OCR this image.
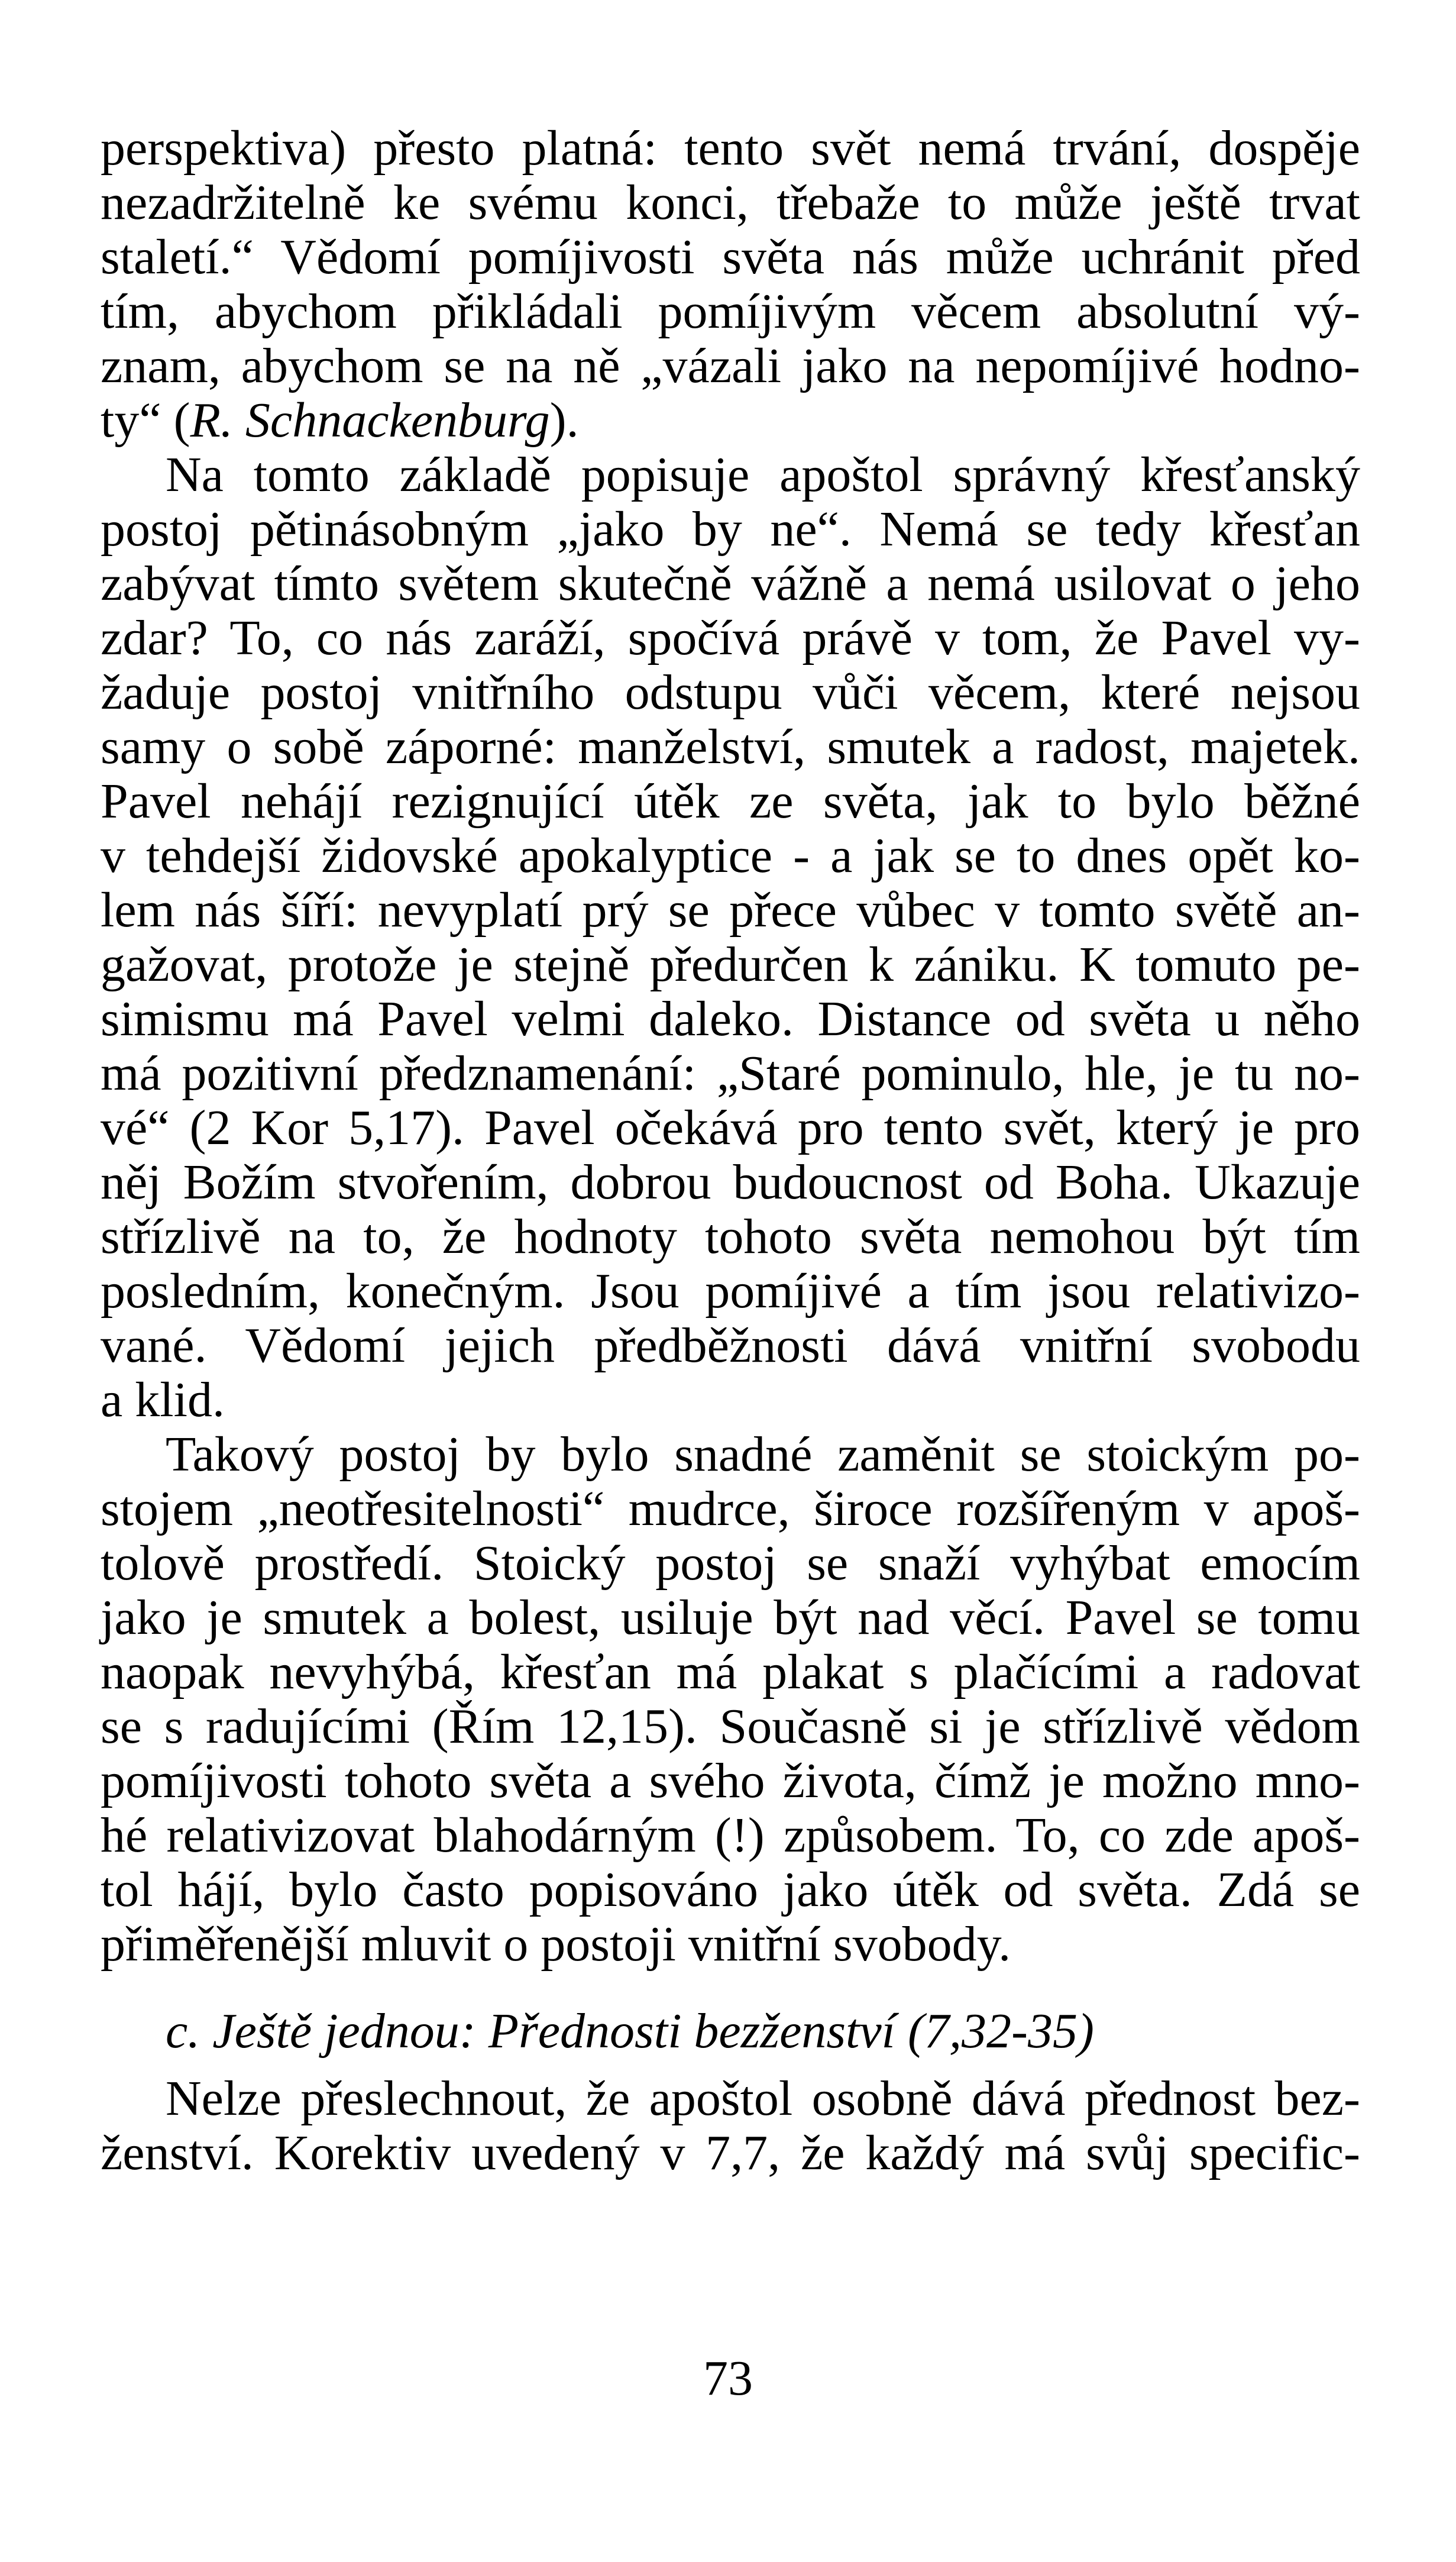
perspektiva) přesto platná: tento svět nemá trvání, dospěje
nezadržitelně ke svému konci, třebaže to může ještě trvat
staletí.“ Vědomí pomíjivosti světa nás může uchránit před
tím, abychom přikládali pomíjivým věcem absolutní vý-
znam, abychom se na ně „vázali jako na nepomíjivé hodno-
ty“ (R. Schnackenburg).
Na tomto základě popisuje apoštol správný křesťanský
postoj pětinásobným „jako by ne“. Nemá se tedy křesťan
zabývat tímto světem skutečně vážně a nemá usilovat o jeho
zdar? To, co nás zaráží, spočívá právě v tom, že Pavel vy-
žaduje postoj vnitřního odstupu vůči věcem, které nejsou
samy o sobě záporné: manželství, smutek a radost, majetek.
Pavel nehájí rezignující útěk ze světa, jak to bylo běžné
v tehdejší židovské apokalyptice - a jak se to dnes opět ko-
lem nás šíří: nevyplatí prý se přece vůbec v tomto světě an-
gažovat, protože je stejně předurčen k zániku. K tomuto pe-
simismu má Pavel velmi daleko. Distance od světa u něho
má pozitivní předznamenání: „Staré pominulo, hle, je tu no-
vé“ (2 Kor 5,17). Pavel očekává pro tento svět, který je pro
něj Božím stvořením, dobrou budoucnost od Boha. Ukazuje
střízlivě na to, že hodnoty tohoto světa nemohou být tím
posledním, konečným. Jsou pomíjivé a tím jsou relativizo-
vané. Vědomí jejich předběžnosti dává vnitřní svobodu
a klid.
Takový postoj by bylo snadné zaměnit se stoickým po-
stojem „neotřesitelnosti“ mudrce, široce rozšířeným v apoš-
tolově prostředí. Stoický postoj se snaží vyhýbat emocím
jako je smutek a bolest, usiluje být nad věcí. Pavel se tomu
naopak nevyhýbá, křesťan má plakat s plačícími a radovat
se s radujícími (Řím 12,15). Současně si je střízlivě vědom
pomíjivosti tohoto světa a svého života, čímž je možno mno-
hé relativizovat blahodárným (!) způsobem. To, co zde apoš-
tol hájí, bylo často popisováno jako útěk od světa. Zdá se
přiměřenější mluvit o postoji vnitřní svobody.
c. Ještě jednou: Přednosti bezženství (7,32-35)
Nelze přeslechnout, že apoštol osobně dává přednost bez-
ženství. Korektiv uvedený v 7,7, že každý má svůj specific-
73
